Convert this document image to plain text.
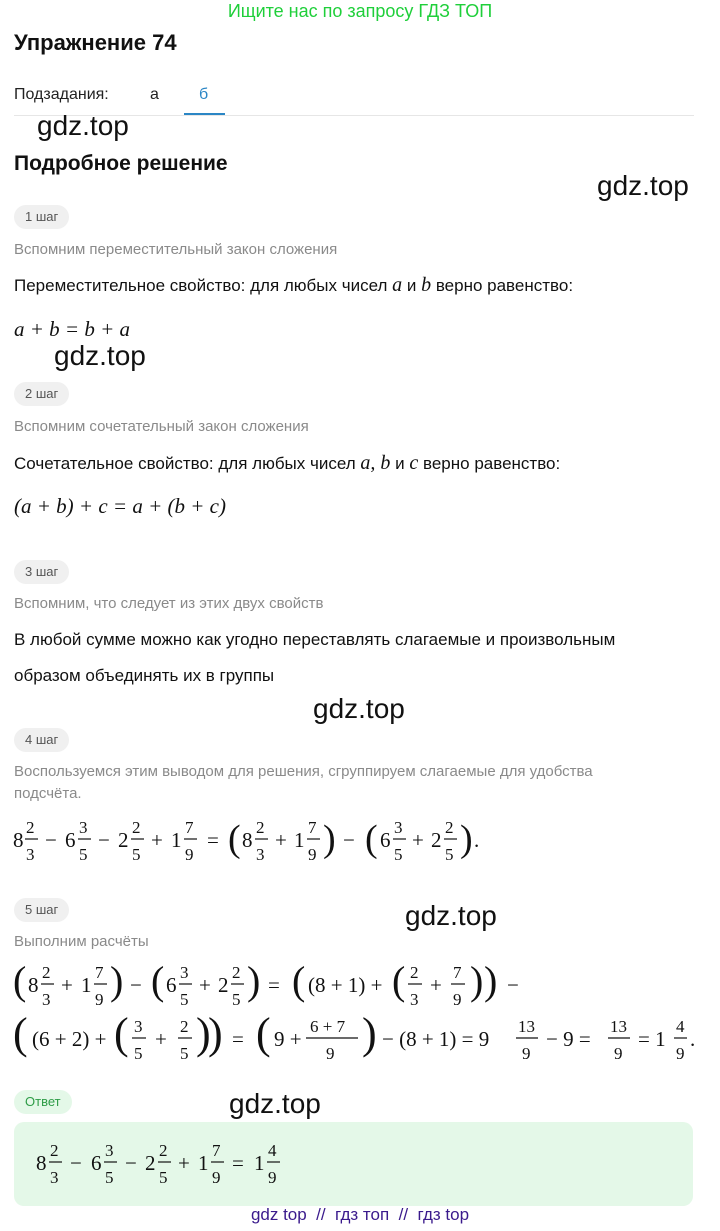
Ищите нас по запросу ГДЗ ТОП
Упражнение 74
Подзадания:	а	б
gdz.top
Подробное решение
gdz.top
1 шаг
Вспомним переместительный закон сложения
Переместительное свойство: для любых чисел a и b верно равенство:
a + b = b + a
gdz.top
2 шаг
Вспомним сочетательный закон сложения
Сочетательное свойство: для любых чисел a, b и c верно равенство:
(a + b) + c = a + (b + c)
3 шаг
Вспомним, что следует из этих двух свойств
В любой сумме можно как угодно переставлять слагаемые и произвольным
образом объединять их в группы
gdz.top
4 шаг
Воспользуемся этим выводом для решения, сгруппируем слагаемые для удобства
подсчёта.
8
2
3
− 6
3
5
− 2
2
5
+ 1
7
9
= ( 8
2
3
+ 1
7
9 ) − ( 6
3
5
+ 2
2
5 ) .
5 шаг	gdz.top
Выполним расчёты
( 8
2
3
+ 1
7
9 ) − ( 6
3
5
+ 2
2
5 ) = ( (8 + 1) + ( 2
3
+
7
9 ) ) −
( (6 + 2) + ( 3
5
+
2
5 )
) = ( 9 +
6 + 7
9 ) − (8 + 1) = 9
13
9
− 9 =
13
9
= 1
4
9
.
Ответ	gdz.top
8
2
3
− 6
3
5
− 2
2
5
+ 1
7
9
= 1
4
9
gdz top  //  гдз топ  //  гдз top
